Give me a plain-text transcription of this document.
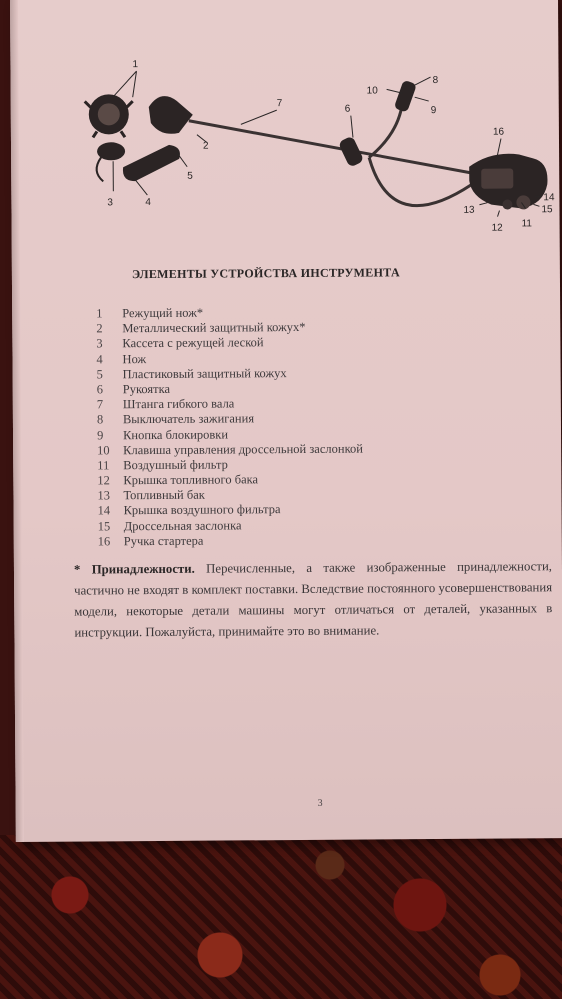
1
2
3	4
5
6
7
8
9
10
11
12
13
14
15
16
ЭЛЕМЕНТЫ УСТРОЙСТВА ИНСТРУМЕНТА
1 Режущий нож*
2 Металлический защитный кожух*
3 Кассета с режущей леской
4 Нож
5 Пластиковый защитный кожух
6 Рукоятка
7 Штанга гибкого вала
8 Выключатель зажигания
9 Кнопка блокировки
10 Клавиша управления дроссельной заслонкой
11 Воздушный фильтр
12 Крышка топливного бака
13 Топливный бак
14 Крышка воздушного фильтра
15 Дроссельная заслонка
16 Ручка стартера
* Принадлежности. Перечисленные, а также изображенные принадлежности, частично не входят в комплект поставки. Вследствие постоянного усовершенствования модели, некоторые детали машины могут отличаться от деталей, указанных в инструкции. Пожалуйста, принимайте это во внимание.
3
